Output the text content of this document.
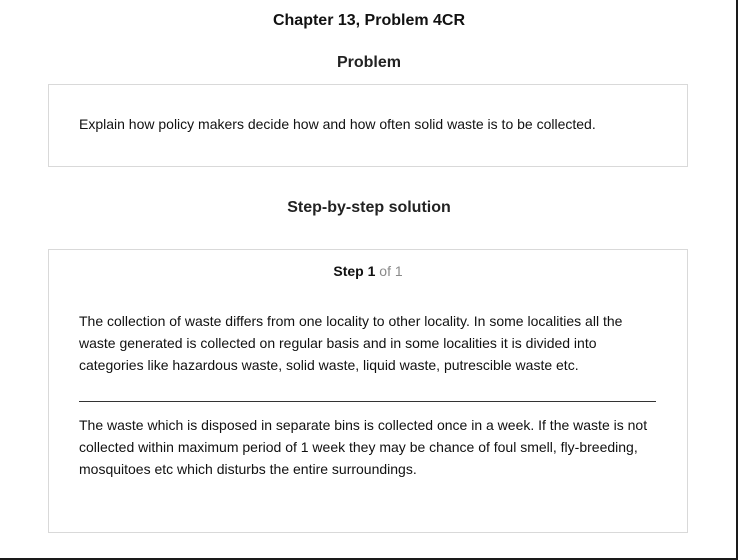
Chapter 13, Problem 4CR
Problem

Explain how policy makers decide how and how often solid waste is to be collected.

Step-by-step solution

Step 1 of 1

The collection of waste differs from one locality to other locality. In some localities all the waste generated is collected on regular basis and in some localities it is divided into categories like hazardous waste, solid waste, liquid waste, putrescible waste etc.

The waste which is disposed in separate bins is collected once in a week. If the waste is not collected within maximum period of 1 week they may be chance of foul smell, fly-breeding, mosquitoes etc which disturbs the entire surroundings.
